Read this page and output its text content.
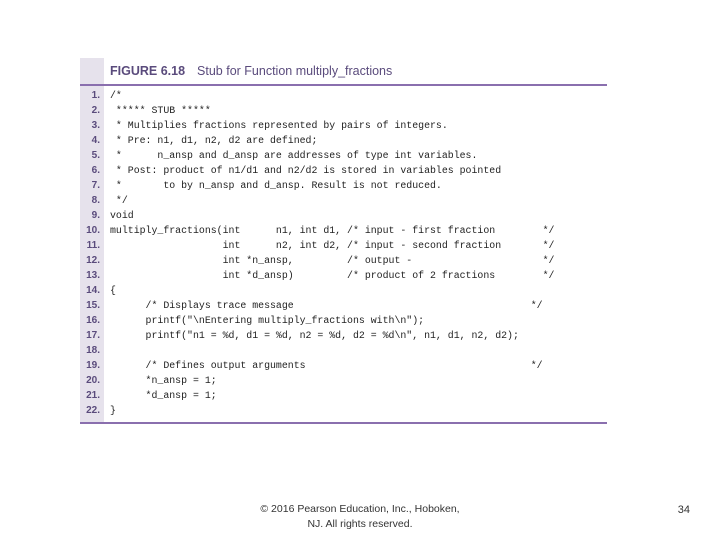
FIGURE 6.18 Stub for Function multiply_fractions
1.
2.
3.
4.
5.
6.
7.
8.
9.
10.
11.
12.
13.
14.
15.
16.
17.
18.
19.
20.
21.
22.
/*
***** STUB *****
* Multiplies fractions represented by pairs of integers.
* Pre: n1, d1, n2, d2 are defined;
*      n_ansp and d_ansp are addresses of type int variables.
* Post: product of n1/d1 and n2/d2 is stored in variables pointed
*       to by n_ansp and d_ansp. Result is not reduced.
*/
void
multiply_fractions(int      n1, int d1, /* input - first fraction        */
int      n2, int d2, /* input - second fraction       */
int *n_ansp,         /* output -                      */
int *d_ansp)         /* product of 2 fractions        */
{
/* Displays trace message                                        */
printf("\nEntering multiply_fractions with\n");
printf("n1 = %d, d1 = %d, n2 = %d, d2 = %d\n", n1, d1, n2, d2);
/* Defines output arguments                                      */
*n_ansp = 1;
*d_ansp = 1;
}
© 2016 Pearson Education, Inc., Hoboken,
NJ. All rights reserved.
34
